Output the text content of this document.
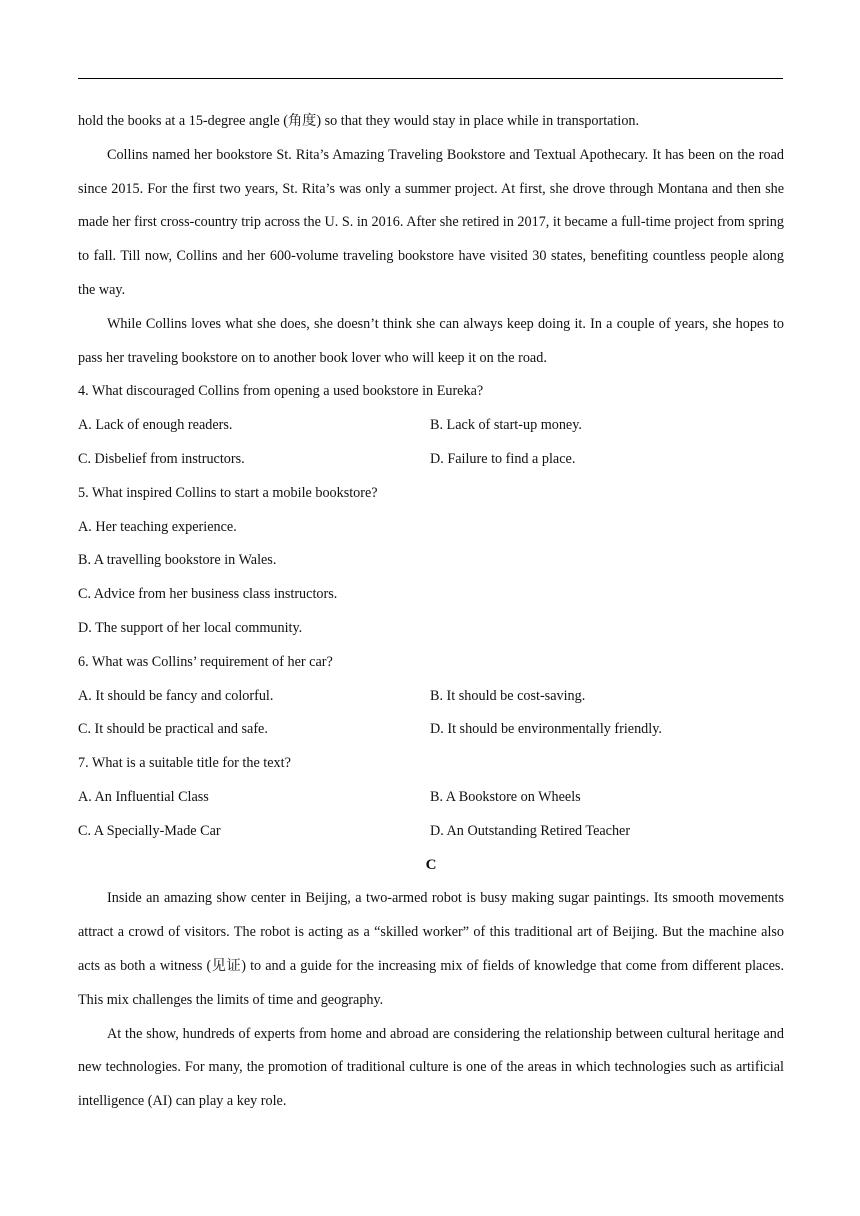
hold the books at a 15-degree angle (角度) so that they would stay in place while in transportation.

Collins named her bookstore St. Rita’s Amazing Traveling Bookstore and Textual Apothecary. It has been on the road since 2015. For the first two years, St. Rita’s was only a summer project. At first, she drove through Montana and then she made her first cross-country trip across the U. S. in 2016. After she retired in 2017, it became a full-time project from spring to fall. Till now, Collins and her 600-volume traveling bookstore have visited 30 states, benefiting countless people along the way.

While Collins loves what she does, she doesn’t think she can always keep doing it. In a couple of years, she hopes to pass her traveling bookstore on to another book lover who will keep it on the road.

4. What discouraged Collins from opening a used bookstore in Eureka?

A. Lack of enough readers.	B. Lack of start-up money.

C. Disbelief from instructors.	D. Failure to find a place.

5. What inspired Collins to start a mobile bookstore?

A. Her teaching experience.

B. A travelling bookstore in Wales.

C. Advice from her business class instructors.

D. The support of her local community.

6. What was Collins’ requirement of her car?

A. It should be fancy and colorful.	B. It should be cost-saving.

C. It should be practical and safe.	D. It should be environmentally friendly.

7. What is a suitable title for the text?

A. An Influential Class	B. A Bookstore on Wheels

C. A Specially-Made Car	D. An Outstanding Retired Teacher

C

Inside an amazing show center in Beijing, a two-armed robot is busy making sugar paintings. Its smooth movements attract a crowd of visitors. The robot is acting as a “skilled worker” of this traditional art of Beijing. But the machine also acts as both a witness (见证) to and a guide for the increasing mix of fields of knowledge that come from different places. This mix challenges the limits of time and geography.

At the show, hundreds of experts from home and abroad are considering the relationship between cultural heritage and new technologies. For many, the promotion of traditional culture is one of the areas in which technologies such as artificial intelligence (AI) can play a key role.
